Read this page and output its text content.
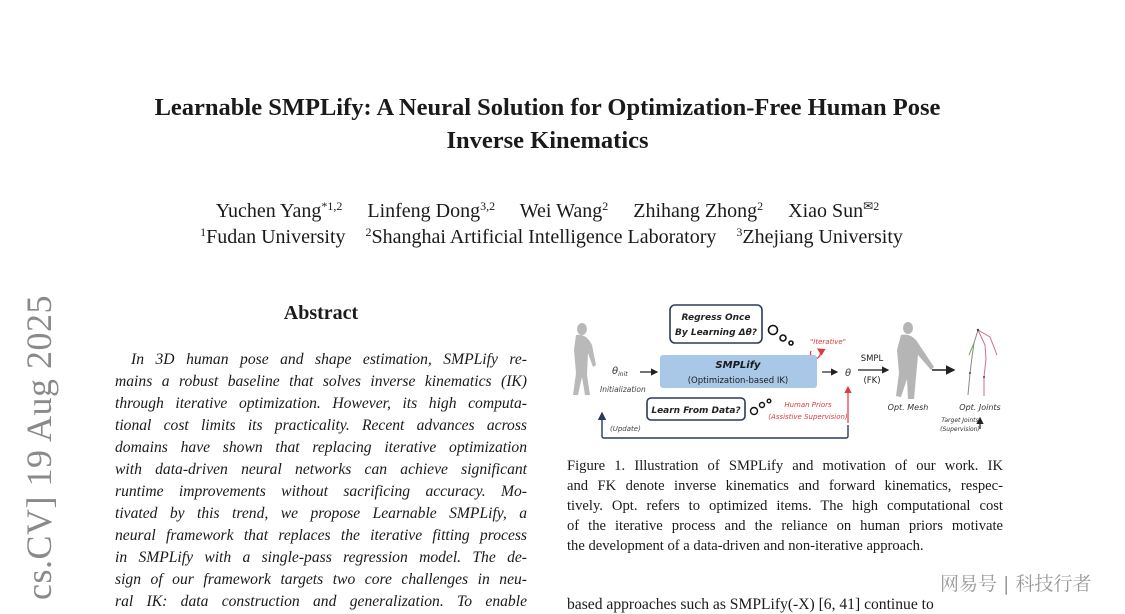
cs.CV] 19 Aug 2025
Learnable SMPLify: A Neural Solution for Optimization-Free Human Pose
Inverse Kinematics
Yuchen Yang$^{*1,2}$ Linfeng Dong$^{3,2}$ Wei Wang$^2$ Zhihang Zhong$^2$ Xiao Sun$^{✉2}$
$^1$Fudan University $^2$Shanghai Artificial Intelligence Laboratory $^3$Zhejiang University
Abstract
In 3D human pose and shape estimation, SMPLify re-
mains a robust baseline that solves inverse kinematics (IK)
through iterative optimization. However, its high computa-
tional cost limits its practicality. Recent advances across
domains have shown that replacing iterative optimization
with data-driven neural networks can achieve significant
runtime improvements without sacrificing accuracy. Mo-
tivated by this trend, we propose Learnable SMPLify, a
neural framework that replaces the iterative fitting process
in SMPLify with a single-pass regression model. The de-
sign of our framework targets two core challenges in neu-
ral IK: data construction and generalization. To enable
$\theta_{init}$
Initialization
Regress Once
By Learning Δθ?
"Iterative"
SMPLify
(Optimization-based IK)
θ
SMPL
(FK)
Learn From Data?
Human Priors
(Assistive Supervision)
(Update)
Opt. Mesh	Opt. Joints
Target Joints
(Supervision)
Figure 1. Illustration of SMPLify and motivation of our work. IK
and FK denote inverse kinematics and forward kinematics, respec-
tively. Opt. refers to optimized items. The high computational cost
of the iterative process and the reliance on human priors motivate
the development of a data-driven and non-iterative approach.
based approaches such as SMPLify(-X) [6, 41] continue to
网易号 | 科技行者
